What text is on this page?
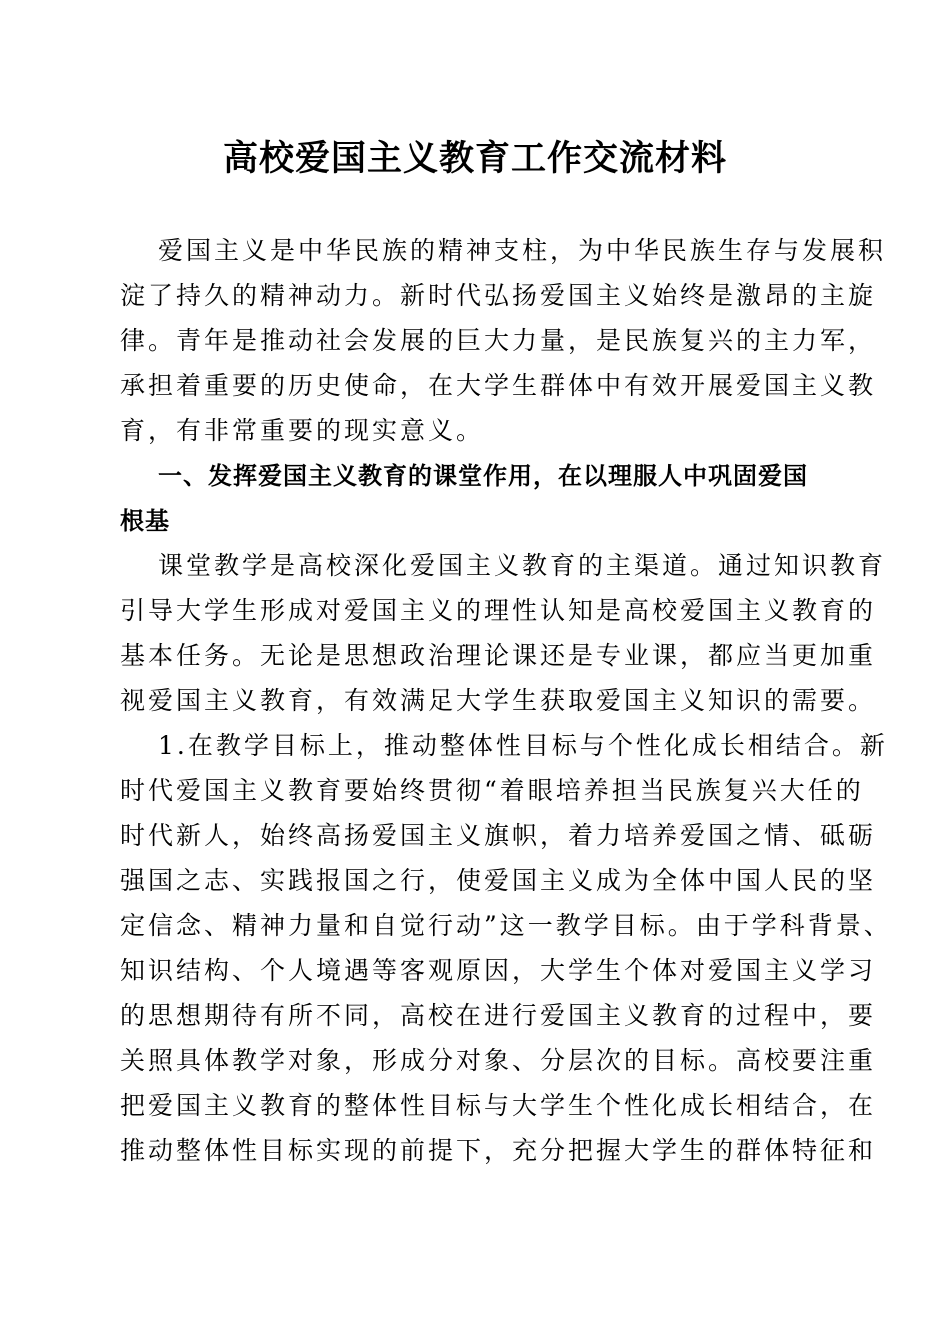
高校爱国主义教育工作交流材料
爱国主义是中华民族的精神支柱，为中华民族生存与发展积
淀了持久的精神动力。新时代弘扬爱国主义始终是激昂的主旋
律。青年是推动社会发展的巨大力量，是民族复兴的主力军，
承担着重要的历史使命，在大学生群体中有效开展爱国主义教
育，有非常重要的现实意义。
一、发挥爱国主义教育的课堂作用，在以理服人中巩固爱国
根基
课堂教学是高校深化爱国主义教育的主渠道。通过知识教育
引导大学生形成对爱国主义的理性认知是高校爱国主义教育的
基本任务。无论是思想政治理论课还是专业课，都应当更加重
视爱国主义教育，有效满足大学生获取爱国主义知识的需要。
1.在教学目标上，推动整体性目标与个性化成长相结合。新
时代爱国主义教育要始终贯彻“着眼培养担当民族复兴大任的
时代新人，始终高扬爱国主义旗帜，着力培养爱国之情、砥砺
强国之志、实践报国之行，使爱国主义成为全体中国人民的坚
定信念、精神力量和自觉行动”这一教学目标。由于学科背景、
知识结构、个人境遇等客观原因，大学生个体对爱国主义学习
的思想期待有所不同，高校在进行爱国主义教育的过程中，要
关照具体教学对象，形成分对象、分层次的目标。高校要注重
把爱国主义教育的整体性目标与大学生个性化成长相结合，在
推动整体性目标实现的前提下，充分把握大学生的群体特征和
